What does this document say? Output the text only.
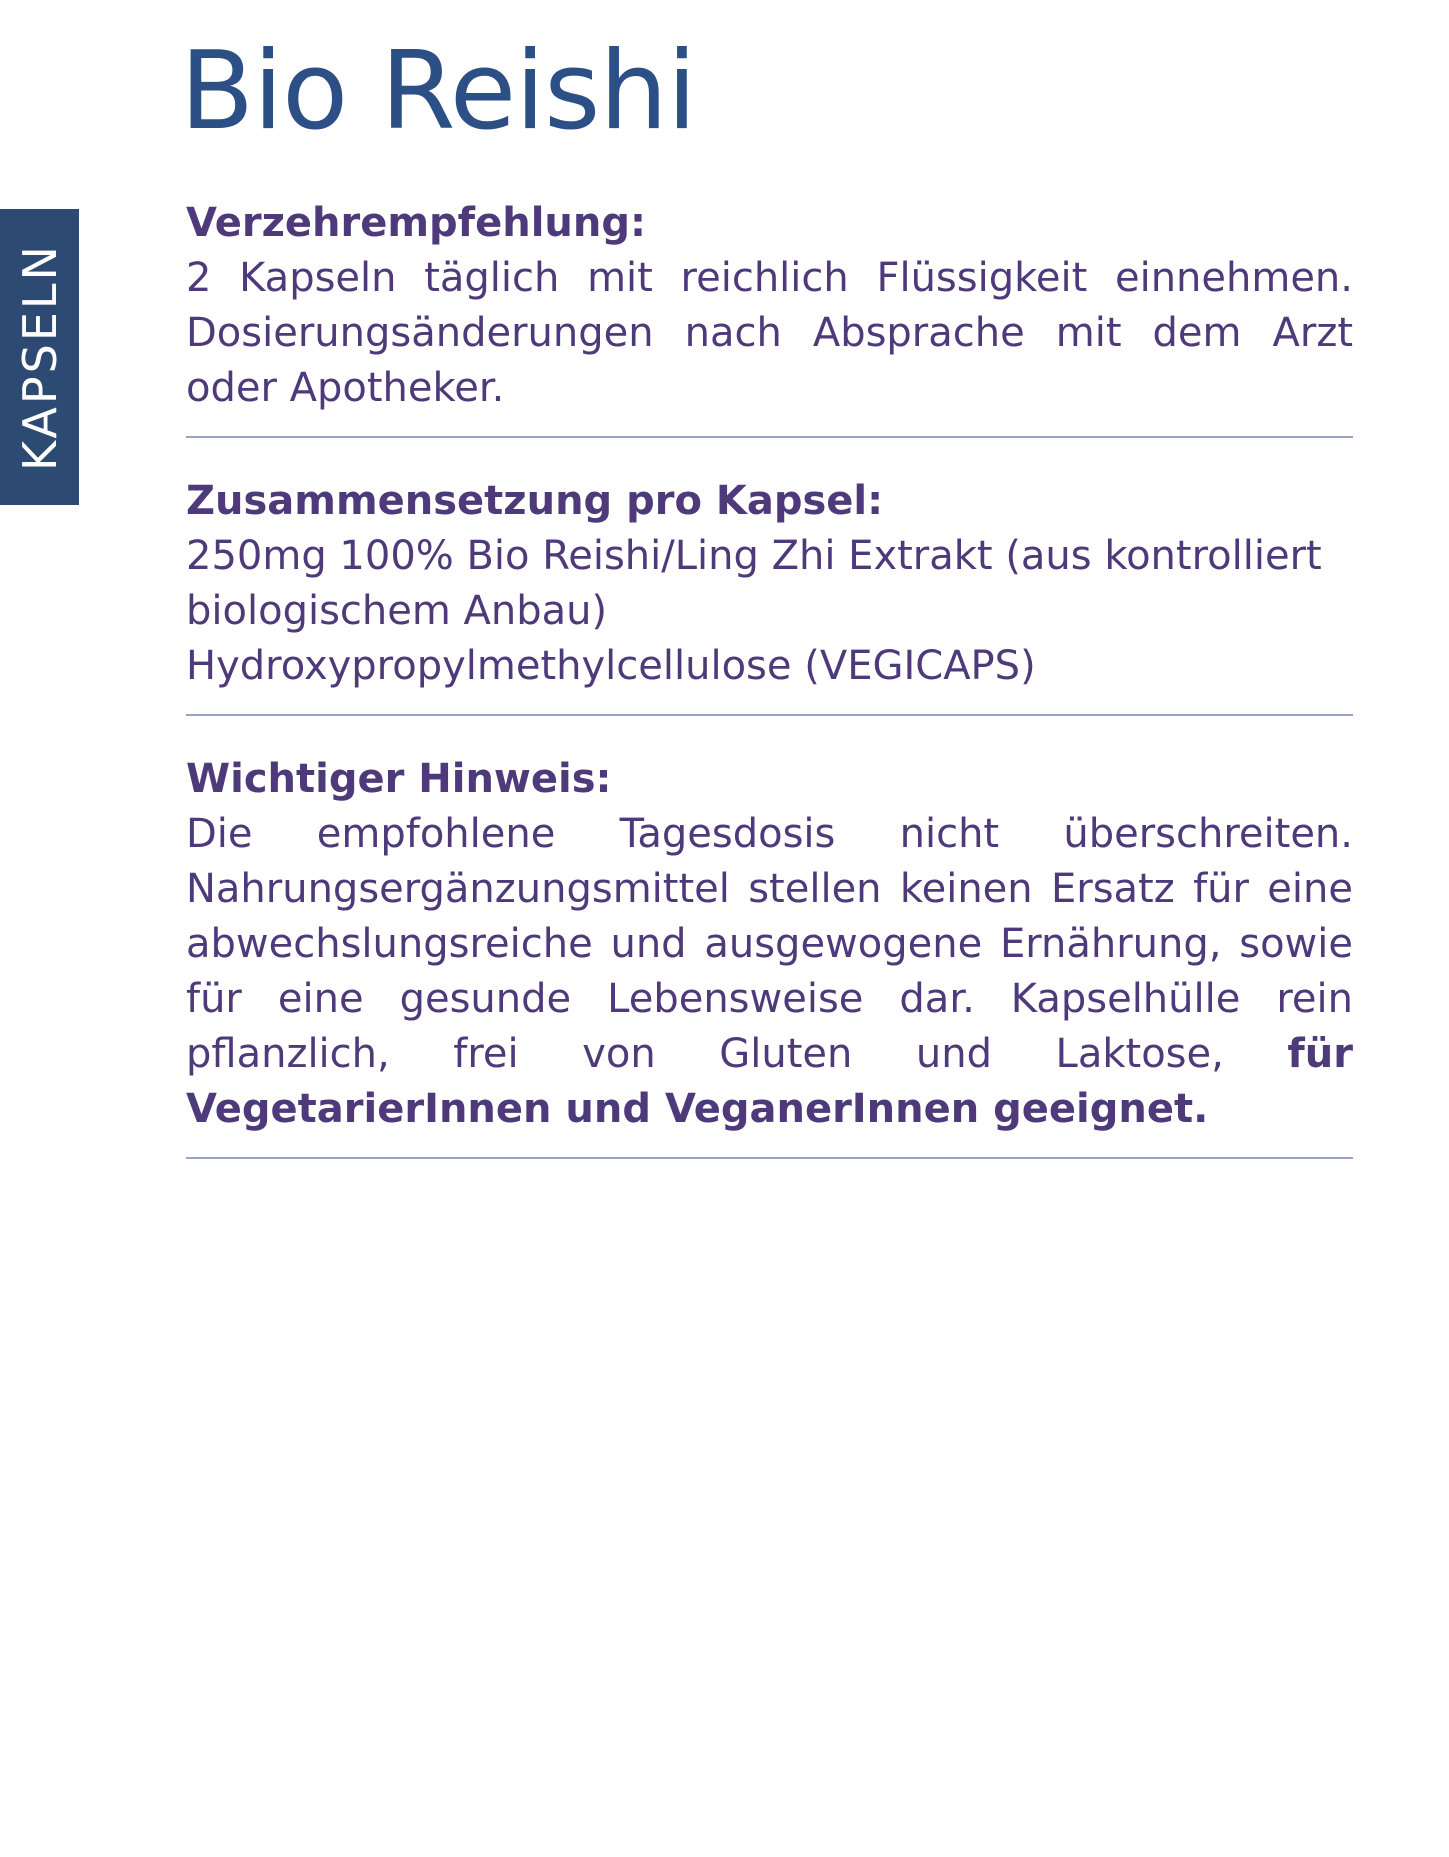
KAPSELN
Bio Reishi

Verzehrempfehlung:

2 Kapseln täglich mit reichlich Flüssigkeit einnehmen. Dosierungsänderungen nach Absprache mit dem Arzt oder Apotheker.

Zusammensetzung pro Kapsel:

250mg 100% Bio Reishi/Ling Zhi Extrakt (aus kontrolliert biologischem Anbau)

Hydroxypropylmethylcellulose (VEGICAPS)

Wichtiger Hinweis:

Die empfohlene Tagesdosis nicht überschreiten. Nahrungsergänzungsmittel stellen keinen Ersatz für eine abwechslungsreiche und ausgewogene Ernährung, sowie für eine gesunde Lebensweise dar. Kapselhülle rein pflanzlich, frei von Gluten und Laktose, für VegetarierInnen und VeganerInnen geeignet.
